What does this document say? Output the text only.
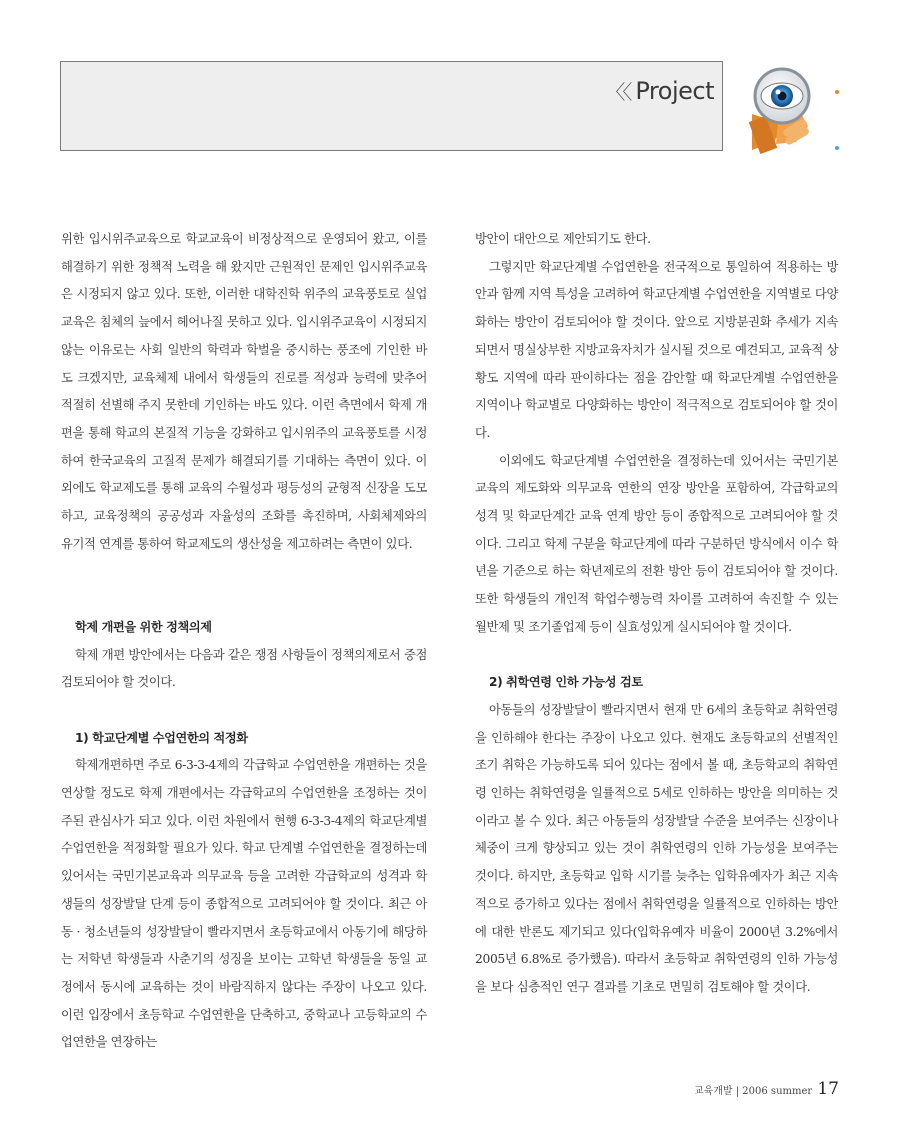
〈〈 Project

위한 입시위주교육으로 학교교육이 비정상적으로 운영되어 왔고, 이를 해결하기 위한 정책적 노력을 해 왔지만 근원적인 문제인 입시위주교육은 시정되지 않고 있다. 또한, 이러한 대학진학 위주의 교육풍토로 실업교육은 침체의 늪에서 헤어나질 못하고 있다. 입시위주교육이 시정되지 않는 이유로는 사회 일반의 학력과 학벌을 중시하는 풍조에 기인한 바도 크겠지만, 교육체제 내에서 학생들의 진로를 적성과 능력에 맞추어 적절히 선별해 주지 못한데 기인하는 바도 있다. 이런 측면에서 학제 개편을 통해 학교의 본질적 기능을 강화하고 입시위주의 교육풍토를 시정하여 한국교육의 고질적 문제가 해결되기를 기대하는 측면이 있다. 이외에도 학교제도를 통해 교육의 수월성과 평등성의 균형적 신장을 도모하고, 교육정책의 공공성과 자율성의 조화를 촉진하며, 사회체제와의 유기적 연계를 통하여 학교제도의 생산성을 제고하려는 측면이 있다.

학제 개편을 위한 정책의제

학제 개편 방안에서는 다음과 같은 쟁점 사항들이 정책의제로서 중점 검토되어야 할 것이다.

1) 학교단계별 수업연한의 적정화

학제개편하면 주로 6-3-3-4제의 각급학교 수업연한을 개편하는 것을 연상할 정도로 학제 개편에서는 각급학교의 수업연한을 조정하는 것이 주된 관심사가 되고 있다. 이런 차원에서 현행 6-3-3-4제의 학교단계별 수업연한을 적정화할 필요가 있다. 학교 단계별 수업연한을 결정하는데 있어서는 국민기본교육과 의무교육 등을 고려한 각급학교의 성격과 학생들의 성장발달 단계 등이 종합적으로 고려되어야 할 것이다. 최근 아동 · 청소년들의 성장발달이 빨라지면서 초등학교에서 아동기에 해당하는 저학년 학생들과 사춘기의 성징을 보이는 고학년 학생들을 동일 교정에서 동시에 교육하는 것이 바람직하지 않다는 주장이 나오고 있다. 이런 입장에서 초등학교 수업연한을 단축하고, 중학교나 고등학교의 수업연한을 연장하는

방안이 대안으로 제안되기도 한다.

그렇지만 학교단계별 수업연한을 전국적으로 통일하여 적용하는 방안과 함께 지역 특성을 고려하여 학교단계별 수업연한을 지역별로 다양화하는 방안이 검토되어야 할 것이다. 앞으로 지방분권화 추세가 지속되면서 명실상부한 지방교육자치가 실시될 것으로 예견되고, 교육적 상황도 지역에 따라 판이하다는 점을 감안할 때 학교단계별 수업연한을 지역이나 학교별로 다양화하는 방안이 적극적으로 검토되어야 할 것이다.

이외에도 학교단계별 수업연한을 결정하는데 있어서는 국민기본교육의 제도화와 의무교육 연한의 연장 방안을 포함하여, 각급학교의 성격 및 학교단계간 교육 연계 방안 등이 종합적으로 고려되어야 할 것이다. 그리고 학제 구분을 학교단계에 따라 구분하던 방식에서 이수 학년을 기준으로 하는 학년제로의 전환 방안 등이 검토되어야 할 것이다. 또한 학생들의 개인적 학업수행능력 차이를 고려하여 속진할 수 있는 월반제 및 조기졸업제 등이 실효성있게 실시되어야 할 것이다.

2) 취학연령 인하 가능성 검토

아동들의 성장발달이 빨라지면서 현재 만 6세의 초등학교 취학연령을 인하해야 한다는 주장이 나오고 있다. 현재도 초등학교의 선별적인 조기 취학은 가능하도록 되어 있다는 점에서 볼 때, 초등학교의 취학연령 인하는 취학연령을 일률적으로 5세로 인하하는 방안을 의미하는 것이라고 볼 수 있다. 최근 아동들의 성장발달 수준을 보여주는 신장이나 체중이 크게 향상되고 있는 것이 취학연령의 인하 가능성을 보여주는 것이다. 하지만, 초등학교 입학 시기를 늦추는 입학유예자가 최근 지속적으로 증가하고 있다는 점에서 취학연령을 일률적으로 인하하는 방안에 대한 반론도 제기되고 있다(입학유예자 비율이 2000년 3.2%에서 2005년 6.8%로 증가했음). 따라서 초등학교 취학연령의 인하 가능성을 보다 심층적인 연구 결과를 기초로 면밀히 검토해야 할 것이다.

교육개발 | 2006 summer 17
